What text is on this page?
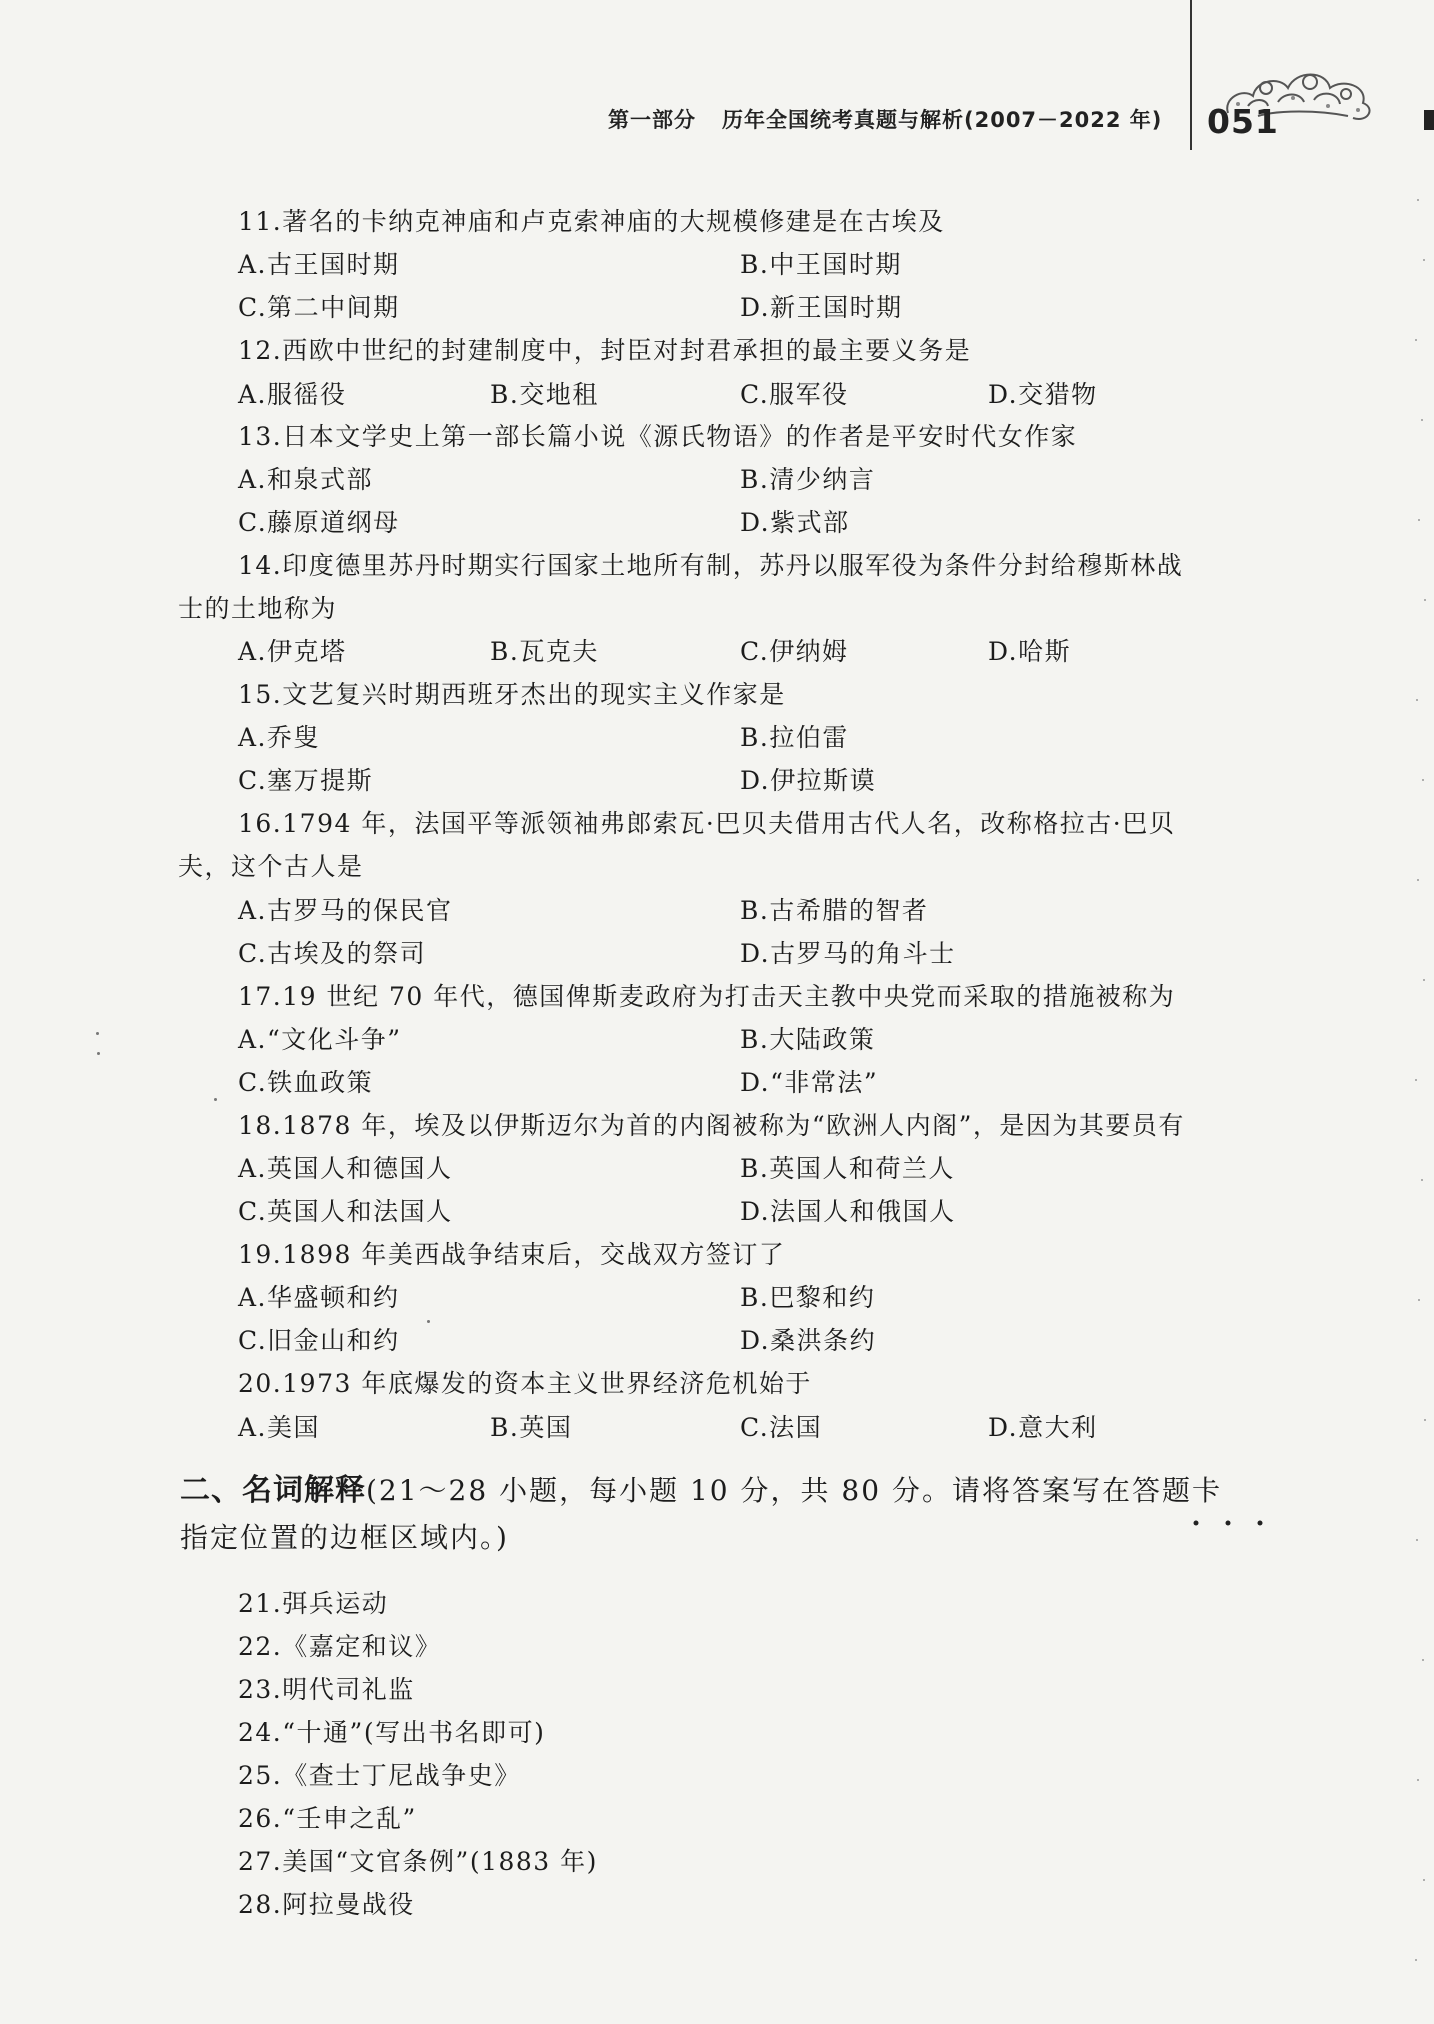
第一部分 历年全国统考真题与解析(2007－2022 年) 051
11.著名的卡纳克神庙和卢克索神庙的大规模修建是在古埃及
A.古王国时期	B.中王国时期
C.第二中间期	D.新王国时期
12.西欧中世纪的封建制度中，封臣对封君承担的最主要义务是
A.服徭役	B.交地租	C.服军役	D.交猎物
13.日本文学史上第一部长篇小说《源氏物语》的作者是平安时代女作家
A.和泉式部	B.清少纳言
C.藤原道纲母	D.紫式部
14.印度德里苏丹时期实行国家土地所有制，苏丹以服军役为条件分封给穆斯林战
士的土地称为
A.伊克塔	B.瓦克夫	C.伊纳姆	D.哈斯
15.文艺复兴时期西班牙杰出的现实主义作家是
A.乔叟	B.拉伯雷
C.塞万提斯	D.伊拉斯谟
16.1794 年，法国平等派领袖弗郎索瓦·巴贝夫借用古代人名，改称格拉古·巴贝
夫，这个古人是
A.古罗马的保民官	B.古希腊的智者
C.古埃及的祭司	D.古罗马的角斗士
17.19 世纪 70 年代，德国俾斯麦政府为打击天主教中央党而采取的措施被称为
A.“文化斗争”	B.大陆政策
C.铁血政策	D.“非常法”
18.1878 年，埃及以伊斯迈尔为首的内阁被称为“欧洲人内阁”，是因为其要员有
A.英国人和德国人	B.英国人和荷兰人
C.英国人和法国人	D.法国人和俄国人
19.1898 年美西战争结束后，交战双方签订了
A.华盛顿和约	B.巴黎和约
C.旧金山和约	D.桑洪条约
20.1973 年底爆发的资本主义世界经济危机始于
A.美国	B.英国	C.法国	D.意大利
二、名词解释(21～28 小题，每小题 10 分，共 80 分。请将答案写在答题卡
指定位置的边框区域内。)
21.弭兵运动
22.《嘉定和议》
23.明代司礼监
24.“十通”(写出书名即可)
25.《查士丁尼战争史》
26.“壬申之乱”
27.美国“文官条例”(1883 年)
28.阿拉曼战役
